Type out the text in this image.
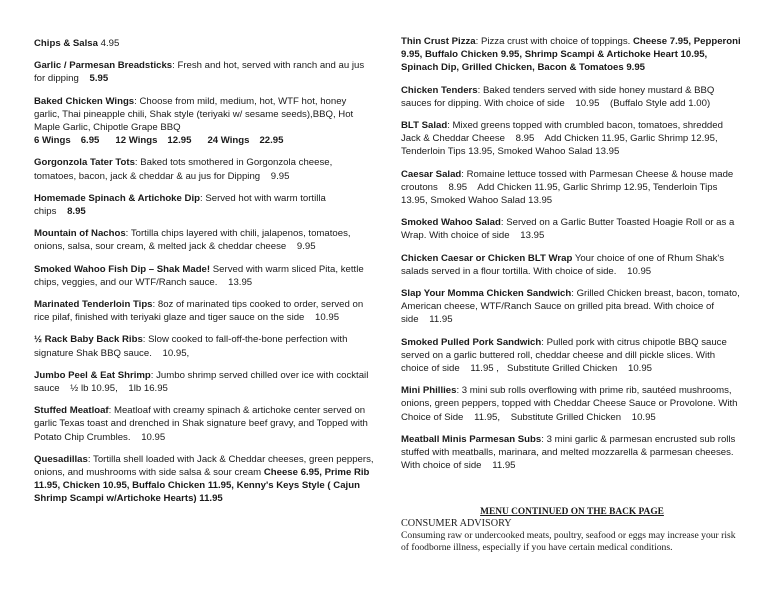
Chips & Salsa 4.95
Garlic / Parmesan Breadsticks: Fresh and hot, served with ranch and au jus for dipping 5.95
Baked Chicken Wings: Choose from mild, medium, hot, WTF hot, honey garlic, Thai pineapple chili, Shak style (teriyaki w/ sesame seeds),BBQ, Hot Maple Garlic, Chipotle Grape BBQ
6 Wings 6.95 12 Wings 12.95 24 Wings 22.95
Gorgonzola Tater Tots: Baked tots smothered in Gorgonzola cheese, tomatoes, bacon, jack & cheddar & au jus for Dipping 9.95
Homemade Spinach & Artichoke Dip: Served hot with warm tortilla chips 8.95
Mountain of Nachos: Tortilla chips layered with chili, jalapenos, tomatoes, onions, salsa, sour cream, & melted jack & cheddar cheese 9.95
Smoked Wahoo Fish Dip – Shak Made! Served with warm sliced Pita, kettle chips, veggies, and our WTF/Ranch sauce. 13.95
Marinated Tenderloin Tips: 8oz of marinated tips cooked to order, served on rice pilaf, finished with teriyaki glaze and tiger sauce on the side 10.95
½ Rack Baby Back Ribs: Slow cooked to fall-off-the-bone perfection with signature Shak BBQ sauce. 10.95,
Jumbo Peel & Eat Shrimp: Jumbo shrimp served chilled over ice with cocktail sauce ½ lb 10.95,    1lb 16.95
Stuffed Meatloaf: Meatloaf with creamy spinach & artichoke center served on garlic Texas toast and drenched in Shak signature beef gravy, and Topped with Potato Chip Crumbles. 10.95
Quesadillas: Tortilla shell loaded with Jack & Cheddar cheeses, green peppers, onions, and mushrooms with side salsa & sour cream Cheese 6.95, Prime Rib 11.95, Chicken 10.95, Buffalo Chicken 11.95, Kenny's Keys Style ( Cajun Shrimp Scampi w/Artichoke Hearts) 11.95
Thin Crust Pizza: Pizza crust with choice of toppings. Cheese 7.95, Pepperoni 9.95, Buffalo Chicken 9.95, Shrimp Scampi & Artichoke Heart 10.95, Spinach Dip, Grilled Chicken, Bacon & Tomatoes 9.95
Chicken Tenders: Baked tenders served with side honey mustard & BBQ sauces for dipping. With choice of side 10.95    (Buffalo Style add 1.00)
BLT Salad: Mixed greens topped with crumbled bacon, tomatoes, shredded Jack & Cheddar Cheese 8.95    Add Chicken 11.95, Garlic Shrimp 12.95, Tenderloin Tips 13.95, Smoked Wahoo Salad 13.95
Caesar Salad: Romaine lettuce tossed with Parmesan Cheese & house made croutons 8.95    Add Chicken 11.95, Garlic Shrimp 12.95, Tenderloin Tips 13.95, Smoked Wahoo Salad 13.95
Smoked Wahoo Salad: Served on a Garlic Butter Toasted Hoagie Roll or as a Wrap. With choice of side 13.95
Chicken Caesar or Chicken BLT Wrap Your choice of one of Rhum Shak's salads served in a flour tortilla. With choice of side. 10.95
Slap Your Momma Chicken Sandwich: Grilled Chicken breast, bacon, tomato, American cheese, WTF/Ranch Sauce on grilled pita bread. With choice of side 11.95
Smoked Pulled Pork Sandwich: Pulled pork with citrus chipotle BBQ sauce served on a garlic buttered roll, cheddar cheese and dill pickle slices. With choice of side 11.95 ,   Substitute Grilled Chicken    10.95
Mini Phillies: 3 mini sub rolls overflowing with prime rib, sautéed mushrooms, onions, green peppers, topped with Cheddar Cheese Sauce or Provolone. With Choice of Side 11.95,    Substitute Grilled Chicken    10.95
Meatball Minis Parmesan Subs: 3 mini garlic & parmesan encrusted sub rolls stuffed with meatballs, marinara, and melted mozzarella & parmesan cheeses. With choice of side 11.95
MENU CONTINUED ON THE BACK PAGE
CONSUMER ADVISORY
Consuming raw or undercooked meats, poultry, seafood or eggs may increase your risk of foodborne illness, especially if you have certain medical conditions.
